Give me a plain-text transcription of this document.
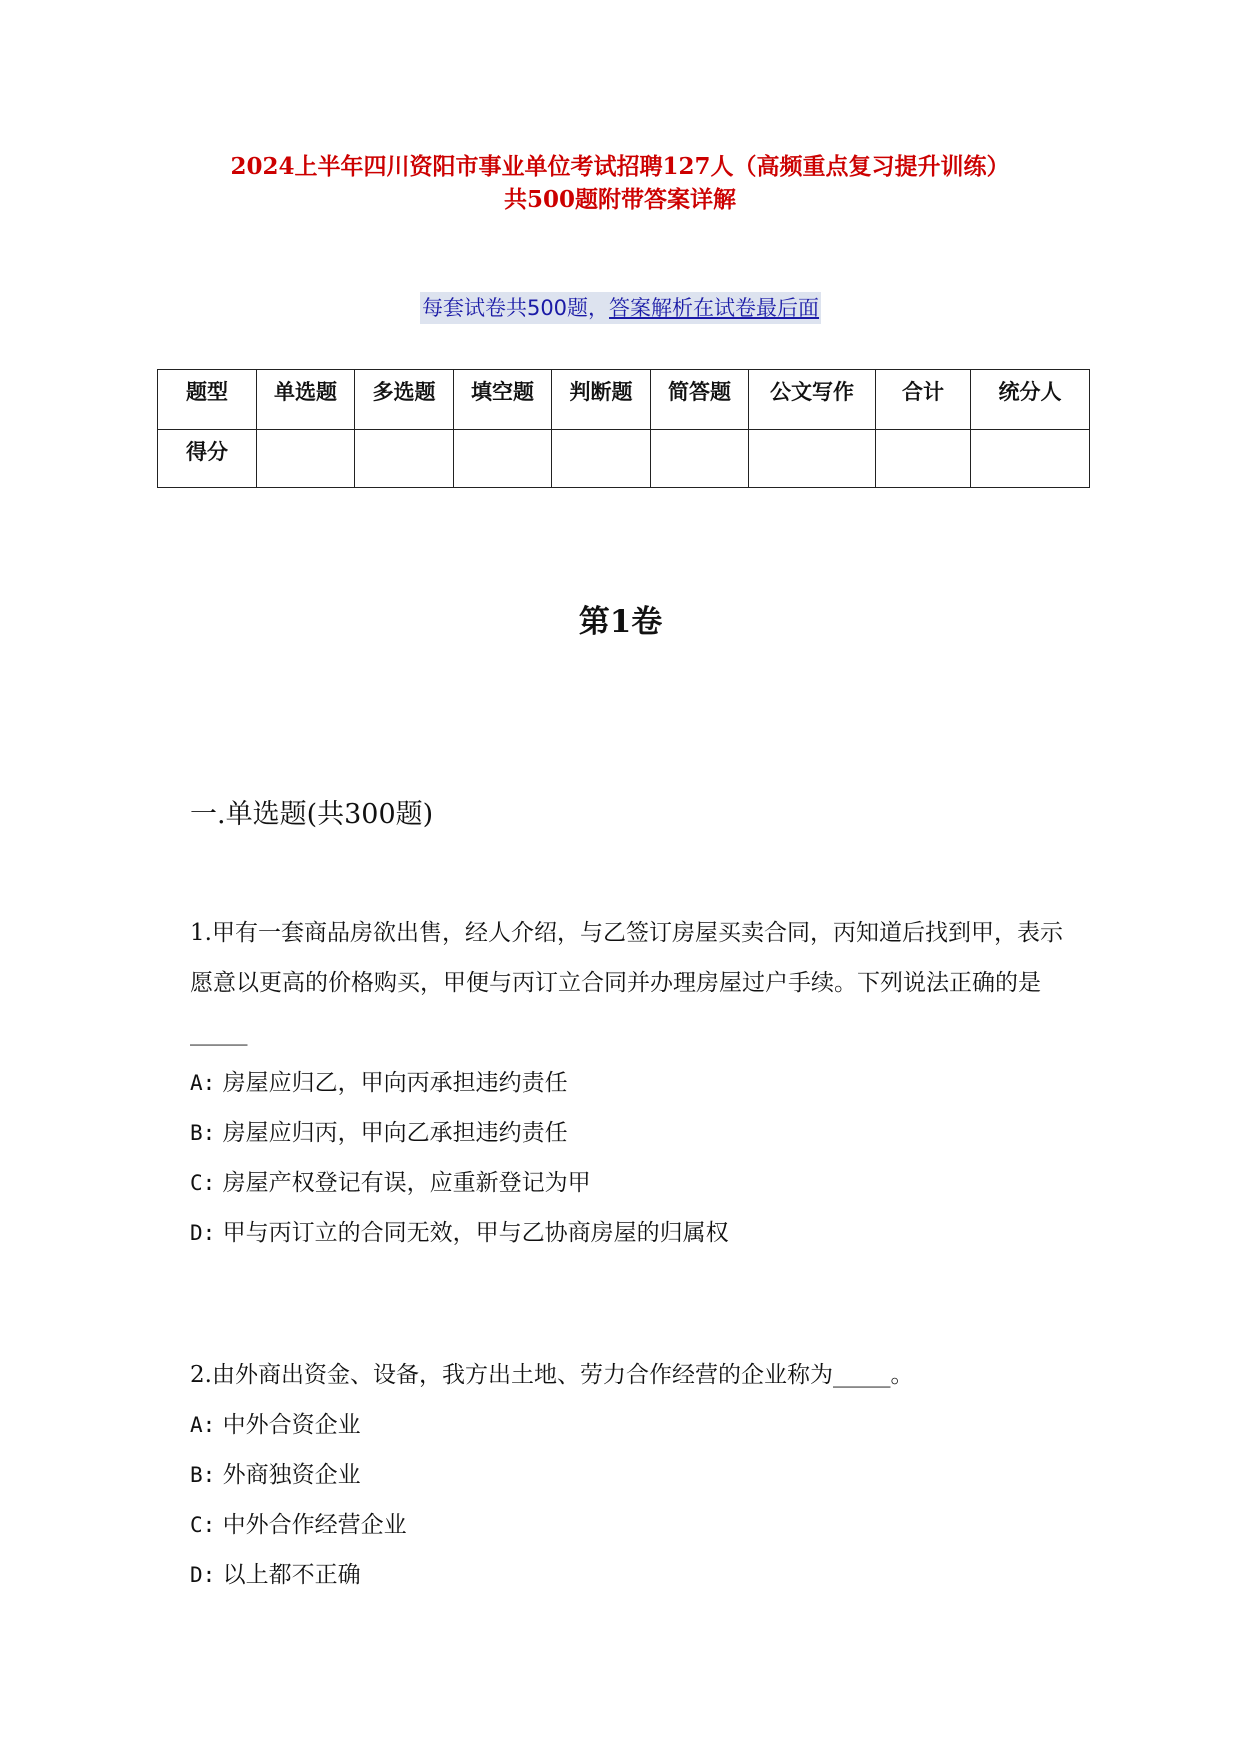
2024上半年四川资阳市事业单位考试招聘127人（高频重点复习提升训练）
共500题附带答案详解
每套试卷共500题，答案解析在试卷最后面
题型	单选题	多选题	填空题	判断题	简答题	公文写作	合计	统分人
得分								
第1卷
一.单选题(共300题)
1.甲有一套商品房欲出售，经人介绍，与乙签订房屋买卖合同，丙知道后找到甲，表示愿意以更高的价格购买，甲便与丙订立合同并办理房屋过户手续。下列说法正确的是_____
A: 房屋应归乙，甲向丙承担违约责任
B: 房屋应归丙，甲向乙承担违约责任
C: 房屋产权登记有误，应重新登记为甲
D: 甲与丙订立的合同无效，甲与乙协商房屋的归属权
2.由外商出资金、设备，我方出土地、劳力合作经营的企业称为_____。
A: 中外合资企业
B: 外商独资企业
C: 中外合作经营企业
D: 以上都不正确
